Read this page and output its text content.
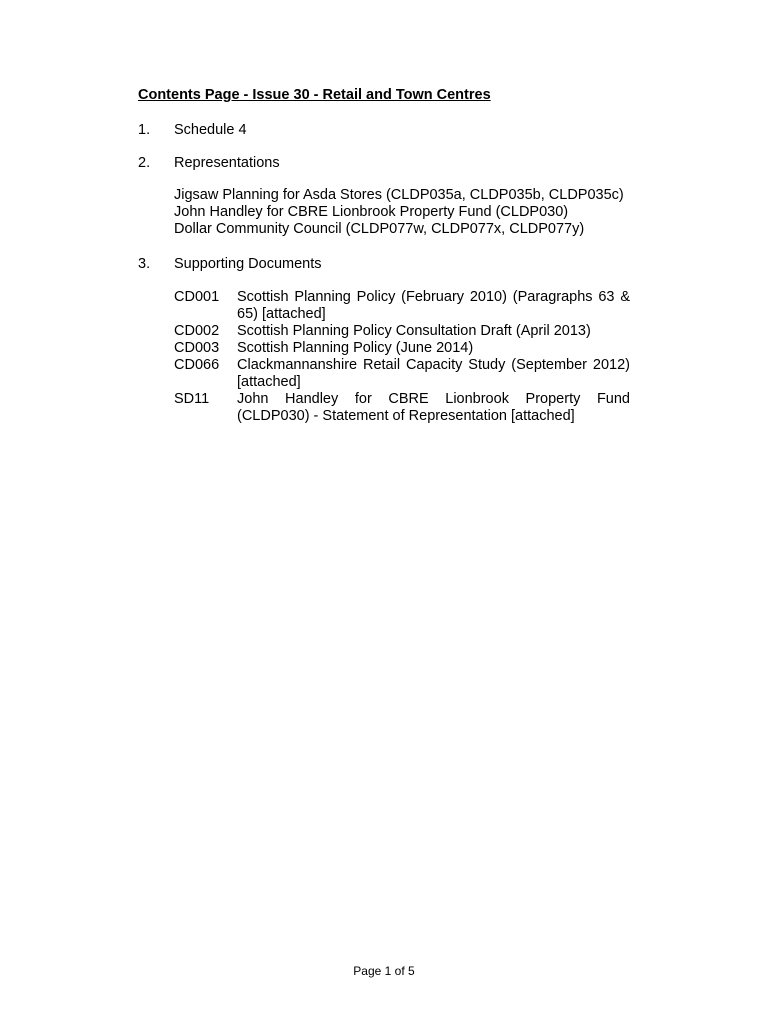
Contents Page - Issue 30 - Retail and Town Centres
1. Schedule 4
2. Representations
Jigsaw Planning for Asda Stores (CLDP035a, CLDP035b, CLDP035c)
John Handley for CBRE Lionbrook Property Fund (CLDP030)
Dollar Community Council (CLDP077w, CLDP077x, CLDP077y)
3. Supporting Documents
CD001	Scottish Planning Policy (February 2010) (Paragraphs 63 & 65) [attached]
CD002	Scottish Planning Policy Consultation Draft (April 2013)
CD003	Scottish Planning Policy (June 2014)
CD066	Clackmannanshire Retail Capacity Study (September 2012) [attached]
SD11	John Handley for CBRE Lionbrook Property Fund (CLDP030) - Statement of Representation [attached]
Page 1 of 5
